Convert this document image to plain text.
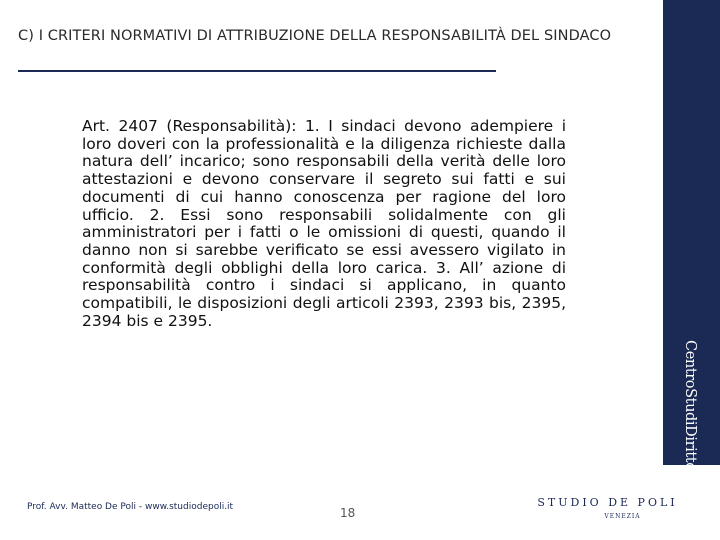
C) I CRITERI NORMATIVI DI ATTRIBUZIONE DELLA RESPONSABILITÀ DEL SINDACO
Art. 2407 (Responsabilità): 1. I sindaci devono adempiere i loro doveri con la professionalità e la diligenza richieste dalla natura dell’ incarico; sono responsabili della verità delle loro attestazioni e devono conservare il segreto sui fatti e sui documenti di cui hanno conoscenza per ragione del loro ufficio. 2. Essi sono responsabili solidalmente con gli amministratori per i fatti o le omissioni di questi, quando il danno non si sarebbe verificato se essi avessero vigilato in conformità degli obblighi della loro carica. 3. All’ azione di responsabilità contro i sindaci si applicano, in quanto compatibili, le disposizioni degli articoli 2393, 2393 bis, 2395, 2394 bis e 2395.
CentroStudiDirittoImpresa
Prof. Avv. Matteo De Poli - www.studiodepoli.it	18
STUDIO DE POLI
VENEZIA
